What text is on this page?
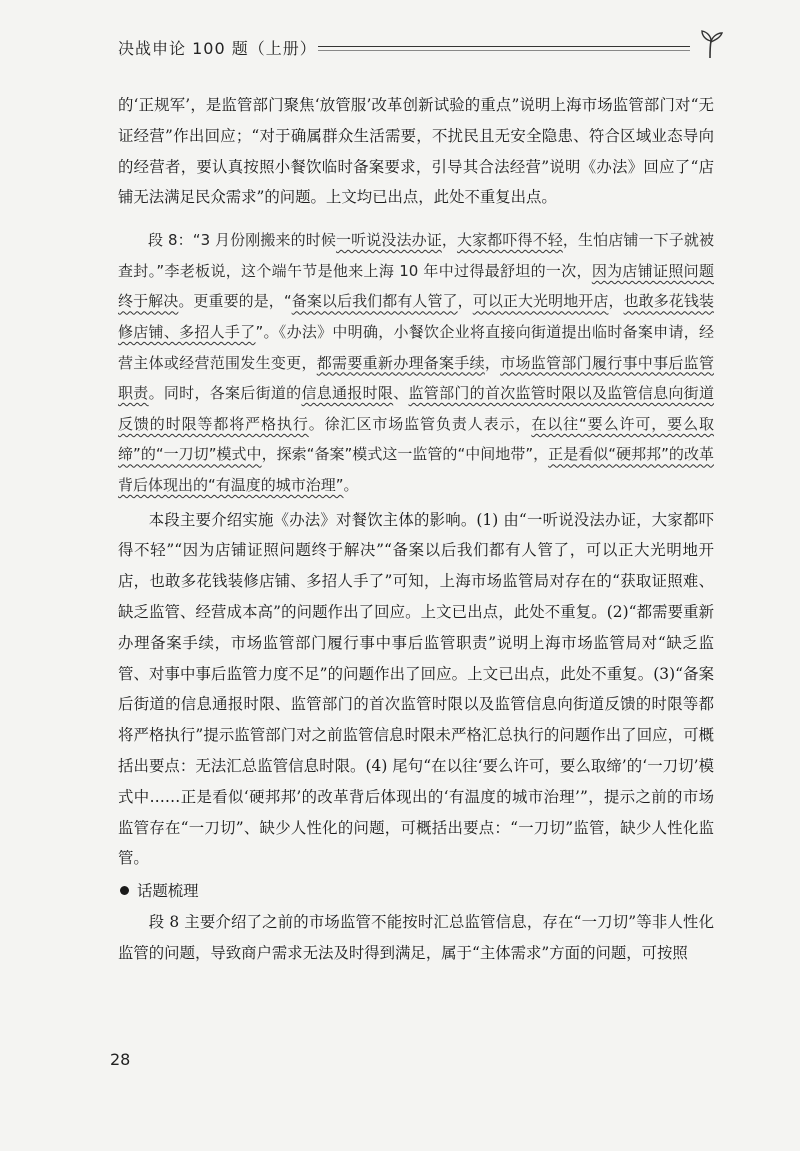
决战申论 100 题（上册）

的‘正规军’，是监管部门聚焦‘放管服’改革创新试验的重点”说明上海市场监管部门对“无证经营”作出回应；“对于确属群众生活需要，不扰民且无安全隐患、符合区域业态导向的经营者，要认真按照小餐饮临时备案要求，引导其合法经营”说明《办法》回应了“店铺无法满足民众需求”的问题。上文均已出点，此处不重复出点。

段 8：“3 月份刚搬来的时候一听说没法办证，大家都吓得不轻，生怕店铺一下子就被查封。”李老板说，这个端午节是他来上海 10 年中过得最舒坦的一次，因为店铺证照问题终于解决。更重要的是，“备案以后我们都有人管了，可以正大光明地开店，也敢多花钱装修店铺、多招人手了”。《办法》中明确，小餐饮企业将直接向街道提出临时备案申请，经营主体或经营范围发生变更，都需要重新办理备案手续，市场监管部门履行事中事后监管职责。同时，各案后街道的信息通报时限、监管部门的首次监管时限以及监管信息向街道反馈的时限等都将严格执行。徐汇区市场监管负责人表示，在以往“要么许可，要么取缔”的“一刀切”模式中，探索“备案”模式这一监管的“中间地带”，正是看似“硬邦邦”的改革背后体现出的“有温度的城市治理”。

本段主要介绍实施《办法》对餐饮主体的影响。(1) 由“一听说没法办证，大家都吓得不轻”“因为店铺证照问题终于解决”“备案以后我们都有人管了，可以正大光明地开店，也敢多花钱装修店铺、多招人手了”可知，上海市场监管局对存在的“获取证照难、缺乏监管、经营成本高”的问题作出了回应。上文已出点，此处不重复。(2)“都需要重新办理备案手续，市场监管部门履行事中事后监管职责”说明上海市场监管局对“缺乏监管、对事中事后监管力度不足”的问题作出了回应。上文已出点，此处不重复。(3)“备案后街道的信息通报时限、监管部门的首次监管时限以及监管信息向街道反馈的时限等都将严格执行”提示监管部门对之前监管信息时限未严格汇总执行的问题作出了回应，可概括出要点：无法汇总监管信息时限。(4) 尾句“在以往‘要么许可，要么取缔’的‘一刀切’模式中……正是看似‘硬邦邦’的改革背后体现出的‘有温度的城市治理’”，提示之前的市场监管存在“一刀切”、缺少人性化的问题，可概括出要点：“一刀切”监管，缺少人性化监管。

话题梳理

段 8 主要介绍了之前的市场监管不能按时汇总监管信息，存在“一刀切”等非人性化监管的问题，导致商户需求无法及时得到满足，属于“主体需求”方面的问题，可按照

28
